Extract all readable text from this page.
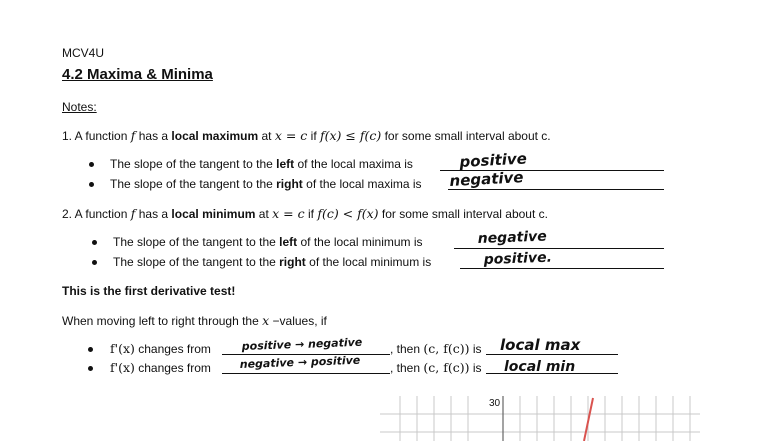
MCV4U
4.2 Maxima & Minima
Notes:
1. A function f has a local maximum at x = c if f(x) ≤ f(c) for some small interval about c.
The slope of the tangent to the left of the local maxima is	positive
The slope of the tangent to the right of the local maxima is negative
2. A function f has a local minimum at x = c if f(c) < f(x) for some small interval about c.
The slope of the tangent to the left of the local minimum is	negative
The slope of the tangent to the right of the local minimum is	positive.
This is the first derivative test!
When moving left to right through the x −values, if
f'(x) changes from	positive → negative , then (c, f(c)) is local max
f'(x) changes from	negative → positive , then (c, f(c)) is local min
30
